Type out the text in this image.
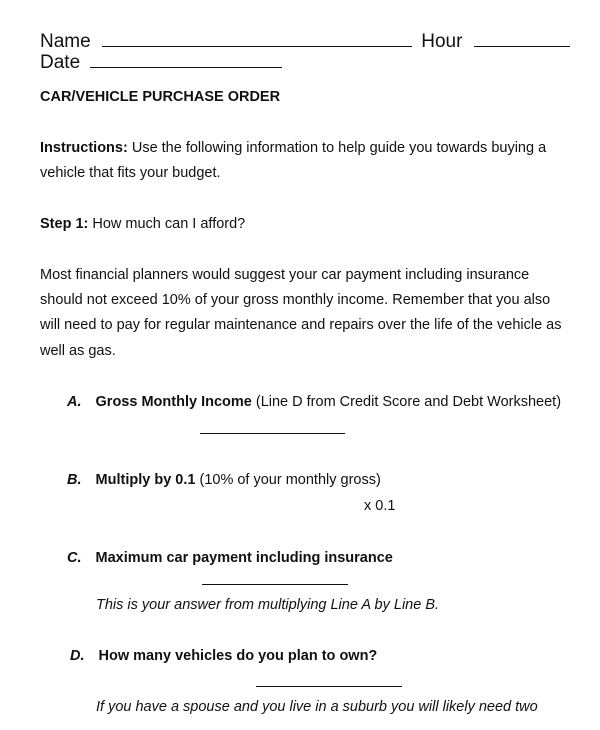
Name	Hour
Date
CAR/VEHICLE PURCHASE ORDER
Instructions: Use the following information to help guide you towards buying a
vehicle that fits your budget.
Step 1: How much can I afford?
Most financial planners would suggest your car payment including insurance
should not exceed 10% of your gross monthly income. Remember that you also
will need to pay for regular maintenance and repairs over the life of the vehicle as
well as gas.
A. Gross Monthly Income (Line D from Credit Score and Debt Worksheet)
B. Multiply by 0.1 (10% of your monthly gross)
x 0.1
C. Maximum car payment including insurance
This is your answer from multiplying Line A by Line B.
D. How many vehicles do you plan to own?
If you have a spouse and you live in a suburb you will likely need two
